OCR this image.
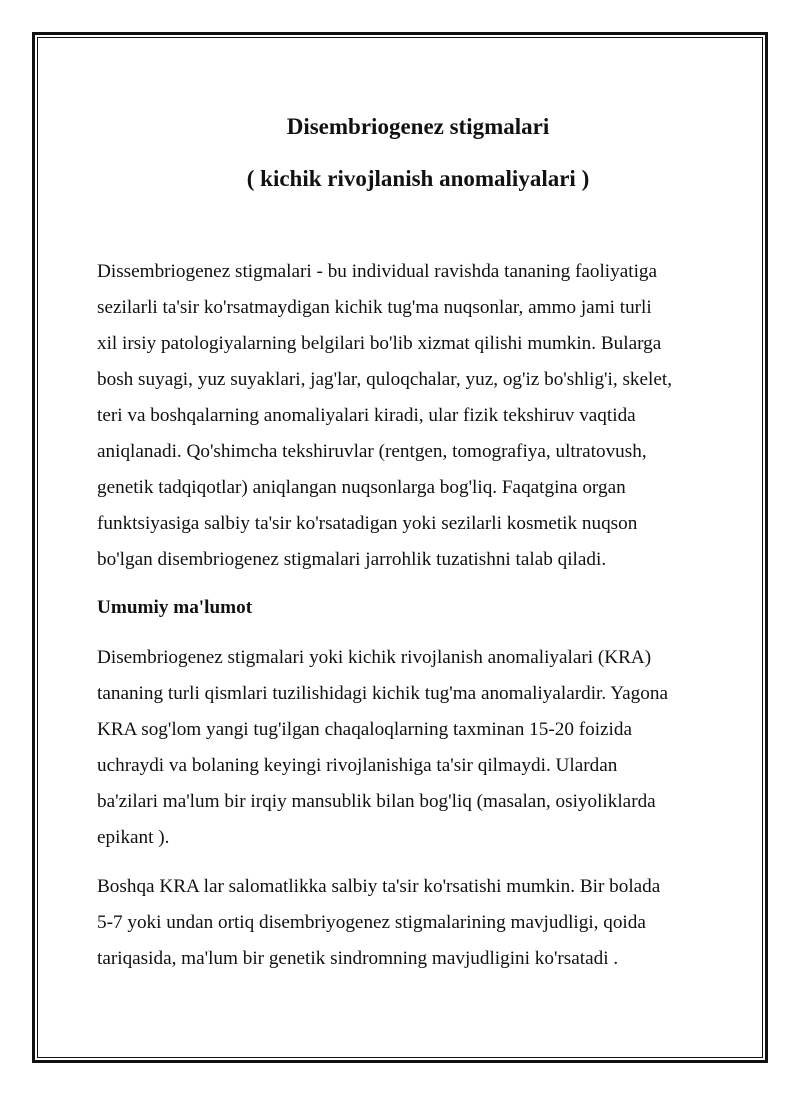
Disembriogenez stigmalari
( kichik rivojlanish anomaliyalari )

Dissembriogenez stigmalari - bu individual ravishda tananing faoliyatiga
sezilarli ta'sir ko'rsatmaydigan kichik tug'ma nuqsonlar, ammo jami turli
xil irsiy patologiyalarning belgilari bo'lib xizmat qilishi mumkin. Bularga
bosh suyagi, yuz suyaklari, jag'lar, quloqchalar, yuz, og'iz bo'shlig'i, skelet,
teri va boshqalarning anomaliyalari kiradi, ular fizik tekshiruv vaqtida
aniqlanadi. Qo'shimcha tekshiruvlar (rentgen, tomografiya, ultratovush,
genetik tadqiqotlar) aniqlangan nuqsonlarga bog'liq. Faqatgina organ
funktsiyasiga salbiy ta'sir ko'rsatadigan yoki sezilarli kosmetik nuqson
bo'lgan disembriogenez stigmalari jarrohlik tuzatishni talab qiladi.

Umumiy ma'lumot

Disembriogenez stigmalari yoki kichik rivojlanish anomaliyalari (KRA)
tananing turli qismlari tuzilishidagi kichik tug'ma anomaliyalardir. Yagona
KRA sog'lom yangi tug'ilgan chaqaloqlarning taxminan 15-20 foizida
uchraydi va bolaning keyingi rivojlanishiga ta'sir qilmaydi. Ulardan
ba'zilari ma'lum bir irqiy mansublik bilan bog'liq (masalan, osiyoliklarda
epikant ).

Boshqa KRA lar salomatlikka salbiy ta'sir ko'rsatishi mumkin. Bir bolada
5-7 yoki undan ortiq disembriyogenez stigmalarining mavjudligi, qoida
tariqasida, ma'lum bir genetik sindromning mavjudligini ko'rsatadi .
